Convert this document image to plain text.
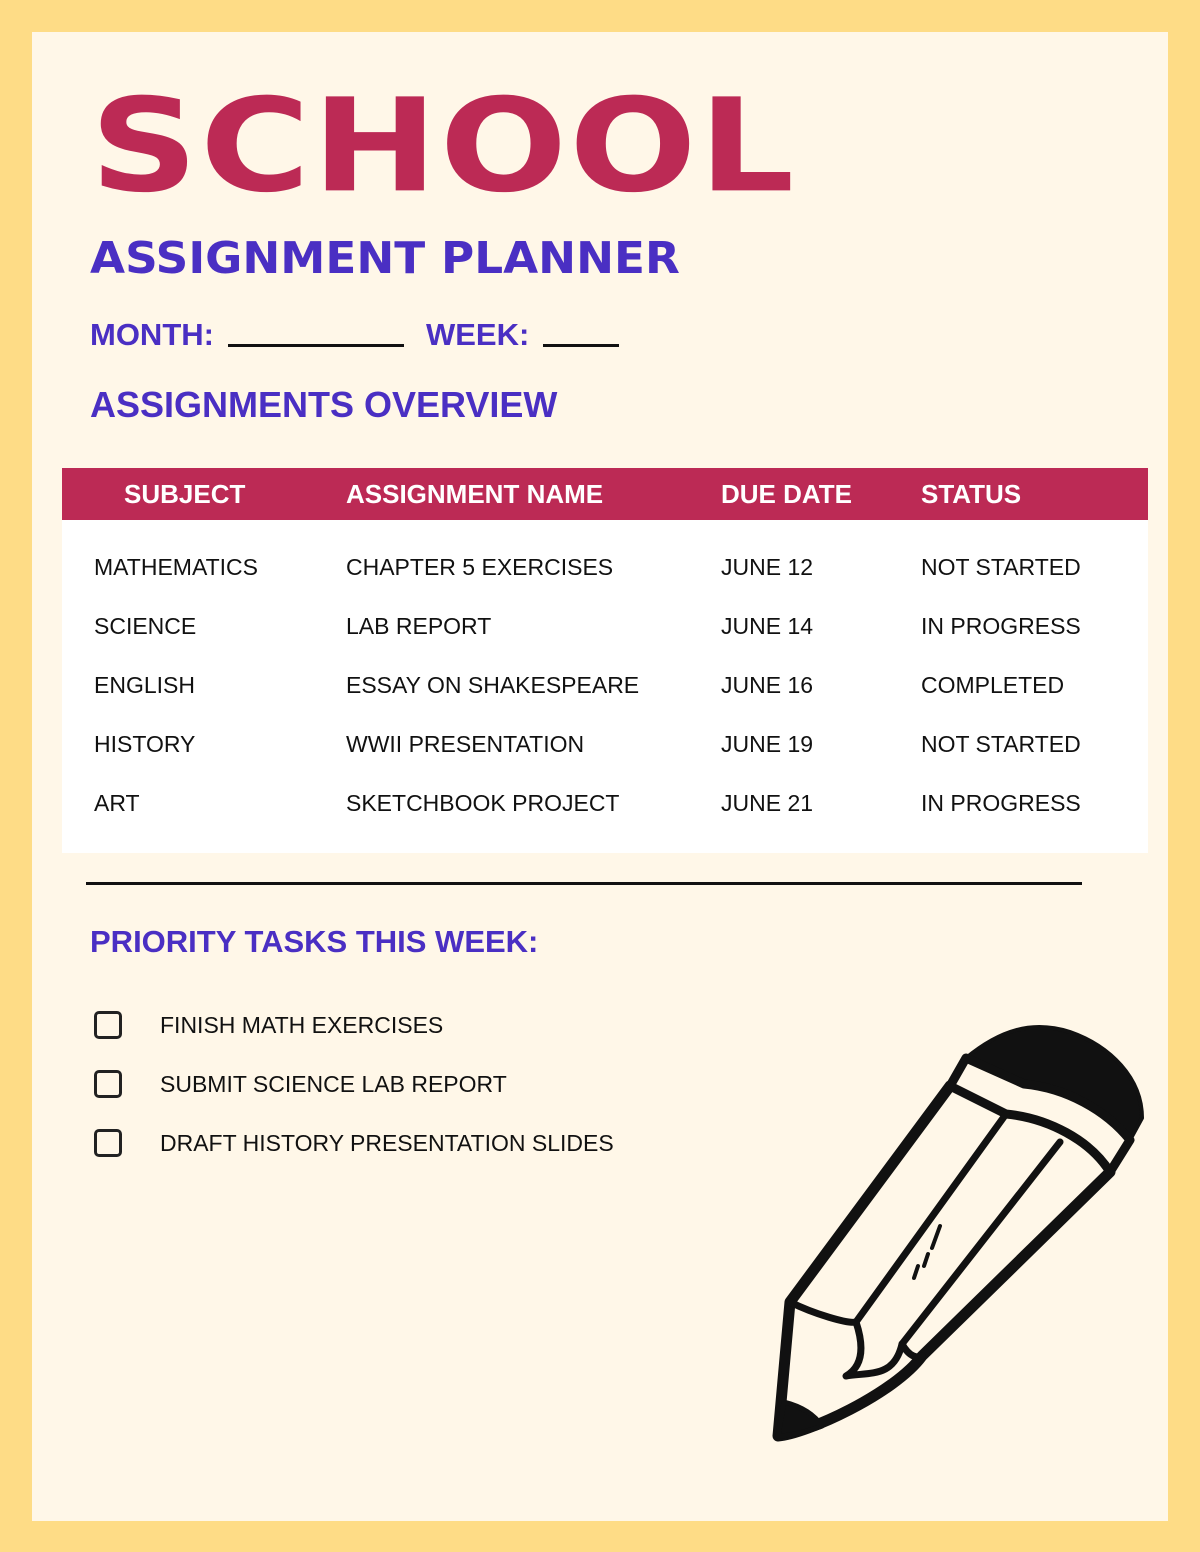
SCHOOL
ASSIGNMENT PLANNER
MONTH:	WEEK:
ASSIGNMENTS OVERVIEW
SUBJECT	ASSIGNMENT NAME	DUE DATE	STATUS
MATHEMATICS	CHAPTER 5 EXERCISES	JUNE 12	NOT STARTED
SCIENCE	LAB REPORT	JUNE 14	IN PROGRESS
ENGLISH	ESSAY ON SHAKESPEARE	JUNE 16	COMPLETED
HISTORY	WWII PRESENTATION	JUNE 19	NOT STARTED
ART	SKETCHBOOK PROJECT	JUNE 21	IN PROGRESS
PRIORITY TASKS THIS WEEK:
FINISH MATH EXERCISES
SUBMIT SCIENCE LAB REPORT
DRAFT HISTORY PRESENTATION SLIDES
